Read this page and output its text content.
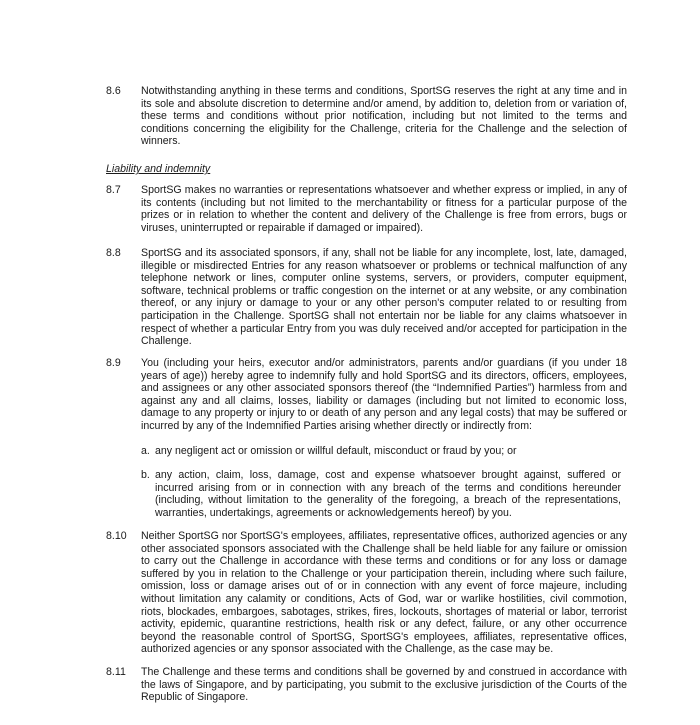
8.6	Notwithstanding anything in these terms and conditions, SportSG reserves the right at any time and in its sole and absolute discretion to determine and/or amend, by addition to, deletion from or variation of, these terms and conditions without prior notification, including but not limited to the terms and conditions concerning the eligibility for the Challenge, criteria for the Challenge and the selection of winners.
Liability and indemnity
8.7	SportSG makes no warranties or representations whatsoever and whether express or implied, in any of its contents (including but not limited to the merchantability or fitness for a particular purpose of the prizes or in relation to whether the content and delivery of the Challenge is free from errors, bugs or viruses, uninterrupted or repairable if damaged or impaired).
8.8	SportSG and its associated sponsors, if any, shall not be liable for any incomplete, lost, late, damaged, illegible or misdirected Entries for any reason whatsoever or problems or technical malfunction of any telephone network or lines, computer online systems, servers, or providers, computer equipment, software, technical problems or traffic congestion on the internet or at any website, or any combination thereof, or any injury or damage to your or any other person's computer related to or resulting from participation in the Challenge. SportSG shall not entertain nor be liable for any claims whatsoever in respect of whether a particular Entry from you was duly received and/or accepted for participation in the Challenge.
8.9	You (including your heirs, executor and/or administrators, parents and/or guardians (if you under 18 years of age)) hereby agree to indemnify fully and hold SportSG and its directors, officers, employees, and assignees or any other associated sponsors thereof (the “Indemnified Parties”) harmless from and against any and all claims, losses, liability or damages (including but not limited to economic loss, damage to any property or injury to or death of any person and any legal costs) that may be suffered or incurred by any of the Indemnified Parties arising whether directly or indirectly from:
a. any negligent act or omission or willful default, misconduct or fraud by you; or
b. any action, claim, loss, damage, cost and expense whatsoever brought against, suffered or incurred arising from or in connection with any breach of the terms and conditions hereunder (including, without limitation to the generality of the foregoing, a breach of the representations, warranties, undertakings, agreements or acknowledgements hereof) by you.
8.10	Neither SportSG nor SportSG's employees, affiliates, representative offices, authorized agencies or any other associated sponsors associated with the Challenge shall be held liable for any failure or omission to carry out the Challenge in accordance with these terms and conditions or for any loss or damage suffered by you in relation to the Challenge or your participation therein, including where such failure, omission, loss or damage arises out of or in connection with any event of force majeure, including without limitation any calamity or conditions, Acts of God, war or warlike hostilities, civil commotion, riots, blockades, embargoes, sabotages, strikes, fires, lockouts, shortages of material or labor, terrorist activity, epidemic, quarantine restrictions, health risk or any defect, failure, or any other occurrence beyond the reasonable control of SportSG, SportSG's employees, affiliates, representative offices, authorized agencies or any sponsor associated with the Challenge, as the case may be.
8.11	The Challenge and these terms and conditions shall be governed by and construed in accordance with the laws of Singapore, and by participating, you submit to the exclusive jurisdiction of the Courts of the Republic of Singapore.
